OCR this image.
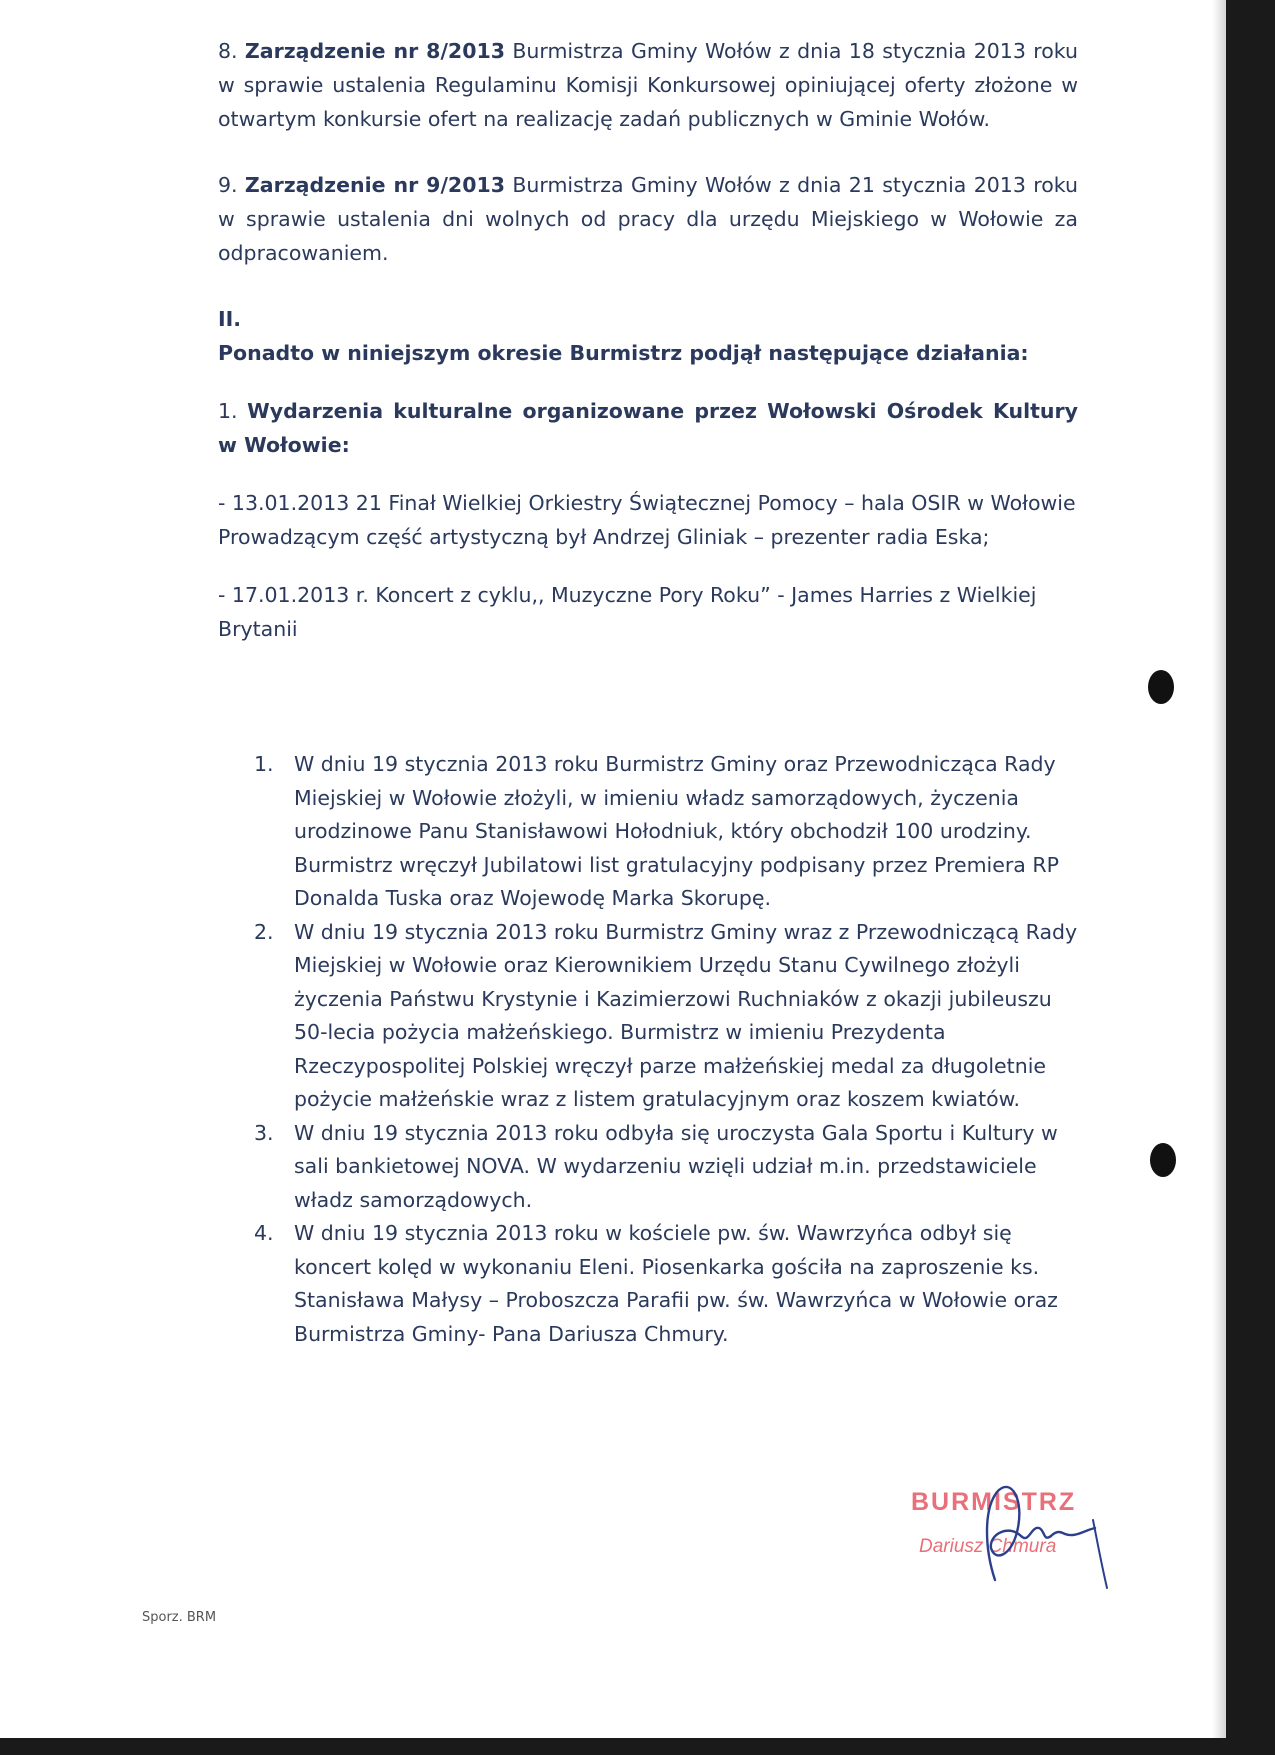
8. Zarządzenie nr 8/2013 Burmistrza Gminy Wołów z dnia 18 stycznia 2013 roku w sprawie ustalenia Regulaminu Komisji Konkursowej opiniującej oferty złożone w otwartym konkursie ofert na realizację zadań publicznych w Gminie Wołów.

9. Zarządzenie nr 9/2013 Burmistrza Gminy Wołów z dnia 21 stycznia 2013 roku w sprawie ustalenia dni wolnych od pracy dla urzędu Miejskiego w Wołowie za odpracowaniem.

II.

Ponadto w niniejszym okresie Burmistrz podjął następujące działania:

1. Wydarzenia kulturalne organizowane przez Wołowski Ośrodek Kultury w Wołowie:

- 13.01.2013 21 Finał Wielkiej Orkiestry Świątecznej Pomocy – hala OSIR w Wołowie Prowadzącym część artystyczną był Andrzej Gliniak – prezenter radia Eska;

- 17.01.2013 r. Koncert z cyklu,, Muzyczne Pory Roku” - James Harries z Wielkiej Brytanii

1. W dniu 19 stycznia 2013 roku Burmistrz Gminy oraz Przewodnicząca Rady Miejskiej w Wołowie złożyli, w imieniu władz samorządowych, życzenia urodzinowe Panu Stanisławowi Hołodniuk, który obchodził 100 urodziny. Burmistrz wręczył Jubilatowi list gratulacyjny podpisany przez Premiera RP Donalda Tuska oraz Wojewodę Marka Skorupę.
2. W dniu 19 stycznia 2013 roku Burmistrz Gminy wraz z Przewodniczącą Rady Miejskiej w Wołowie oraz Kierownikiem Urzędu Stanu Cywilnego złożyli życzenia Państwu Krystynie i Kazimierzowi Ruchniaków z okazji jubileuszu 50-lecia pożycia małżeńskiego. Burmistrz w imieniu Prezydenta Rzeczypospolitej Polskiej wręczył parze małżeńskiej medal za długoletnie pożycie małżeńskie wraz z listem gratulacyjnym oraz koszem kwiatów.
3. W dniu 19 stycznia 2013 roku odbyła się uroczysta Gala Sportu i Kultury w sali bankietowej NOVA. W wydarzeniu wzięli udział m.in. przedstawiciele władz samorządowych.
4. W dniu 19 stycznia 2013 roku w kościele pw. św. Wawrzyńca odbył się koncert kolęd w wykonaniu Eleni. Piosenkarka gościła na zaproszenie ks. Stanisława Małysy – Proboszcza Parafii pw. św. Wawrzyńca w Wołowie oraz Burmistrza Gminy- Pana Dariusza Chmury.
BURMISTRZ
Dariusz Chmura
Sporz. BRM
